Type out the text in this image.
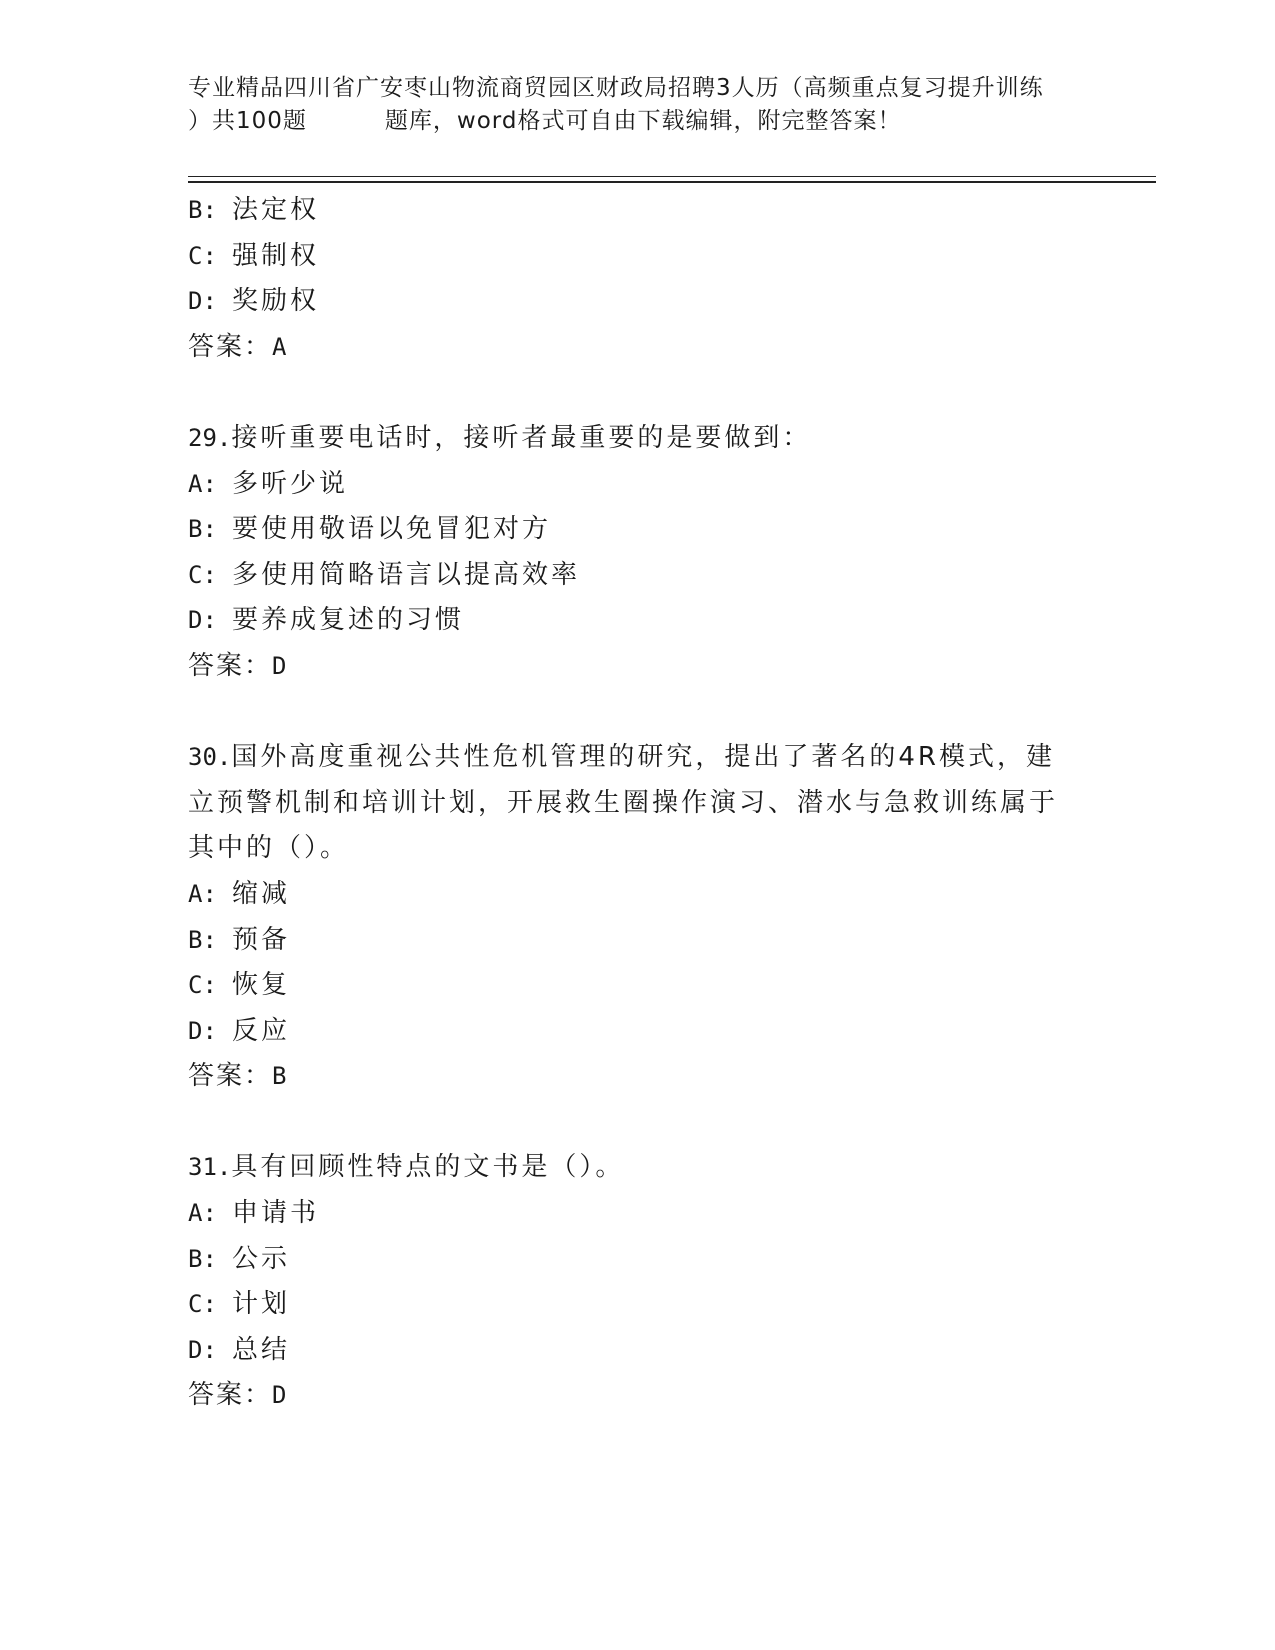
专业精品四川省广安枣山物流商贸园区财政局招聘3人历（高频重点复习提升训练
）共100题	题库，word格式可自由下载编辑，附完整答案！
B: 法定权
C: 强制权
D: 奖励权
答案：A
29.接听重要电话时，接听者最重要的是要做到：
A: 多听少说
B: 要使用敬语以免冒犯对方
C: 多使用简略语言以提高效率
D: 要养成复述的习惯
答案：D
30.国外高度重视公共性危机管理的研究，提出了著名的4R模式，建
立预警机制和培训计划，开展救生圈操作演习、潜水与急救训练属于
其中的（）。
A: 缩减
B: 预备
C: 恢复
D: 反应
答案：B
31.具有回顾性特点的文书是（）。
A: 申请书
B: 公示
C: 计划
D: 总结
答案：D
